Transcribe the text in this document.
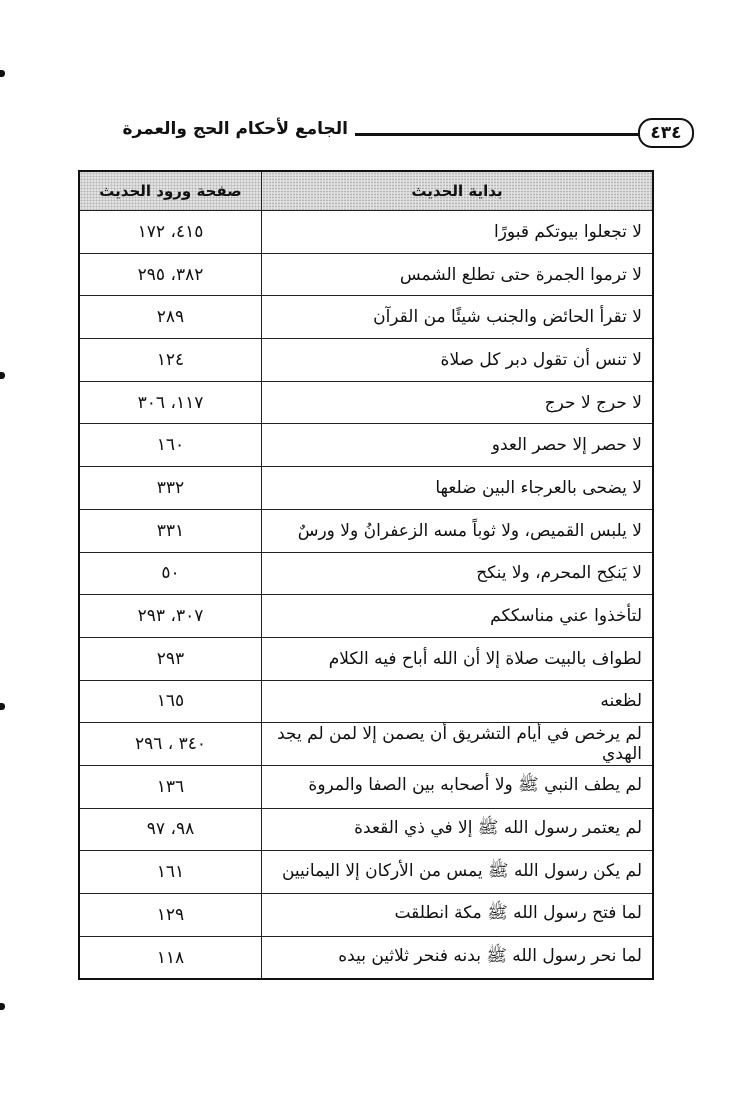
٤٣٤
الجامع لأحكام الحج والعمرة
بداية الحديث	صفحة ورود الحديث
لا تجعلوا بيوتكم قبورًا	٤١٥، ١٧٢
لا ترموا الجمرة حتى تطلع الشمس	٣٨٢، ٢٩٥
لا تقرأ الحائض والجنب شيئًا من القرآن	٢٨٩
لا تنس أن تقول دبر كل صلاة	١٢٤
لا حرج لا حرج	١١٧، ٣٠٦
لا حصر إلا حصر العدو	١٦٠
لا يضحى بالعرجاء البين ضلعها	٣٣٢
لا يلبس القميص، ولا ثوباً مسه الزعفرانُ ولا ورسٌ	٣٣١
لا يَنكِح المحرم، ولا ينكح	٥٠
لتأخذوا عني مناسككم	٣٠٧، ٢٩٣
لطواف بالبيت صلاة إلا أن الله أباح فيه الكلام	٢٩٣
لظعنه	١٦٥
لم يرخص في أيام التشريق أن يصمن إلا لمن لم يجد الهدي	٣٤٠ ، ٢٩٦
لم يطف النبي ﷺ ولا أصحابه بين الصفا والمروة	١٣٦
لم يعتمر رسول الله ﷺ إلا في ذي القعدة	٩٨، ٩٧
لم يكن رسول الله ﷺ يمس من الأركان إلا اليمانيين	١٦١
لما فتح رسول الله ﷺ مكة انطلقت	١٢٩
لما نحر رسول الله ﷺ بدنه فنحر ثلاثين بيده	١١٨
